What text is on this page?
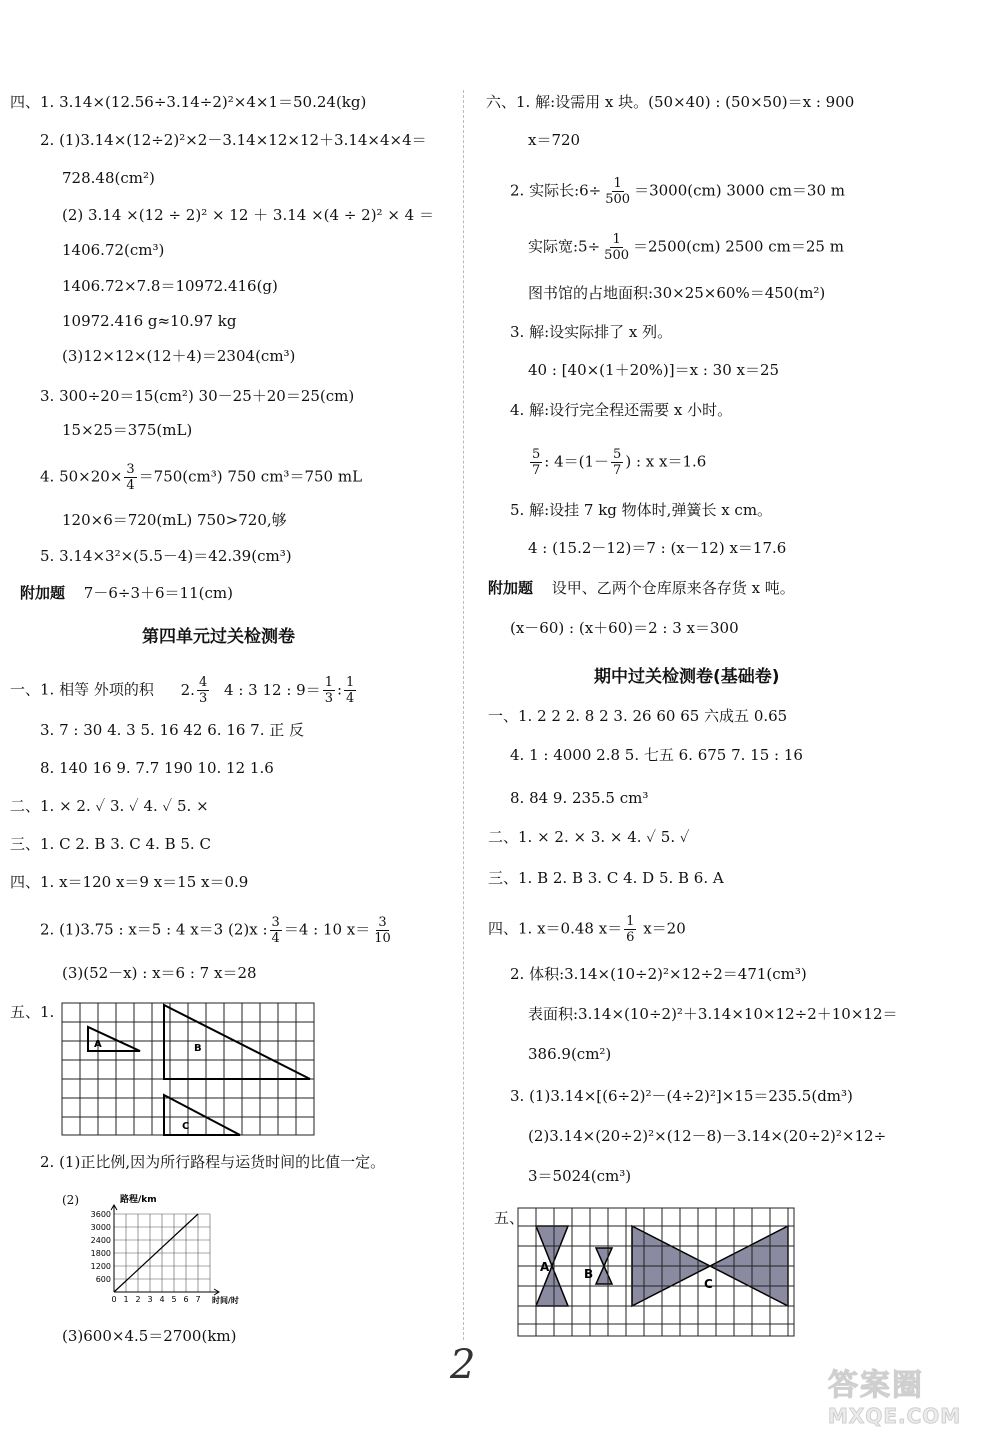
四、1. 3.14×(12.56÷3.14÷2)²×4×1＝50.24(kg)
2. (1)3.14×(12÷2)²×2－3.14×12×12＋3.14×4×4＝
728.48(cm²)
(2) 3.14 ×(12 ÷ 2)² × 12 ＋ 3.14 ×(4 ÷ 2)² × 4 ＝
1406.72(cm³)
1406.72×7.8＝10972.416(g)
10972.416 g≈10.97 kg
(3)12×12×(12＋4)＝2304(cm³)
3. 300÷20＝15(cm²) 30－25＋20＝25(cm)
15×25＝375(mL)
4. $50\times 20\times \frac{3}{4} =750(cm^3)$ 750 cm³＝750 mL
120×6＝720(mL) 750>720,够
5. 3.14×3²×(5.5－4)＝42.39(cm³)
附加题 7－6÷3＋6＝11(cm)
第四单元过关检测卷
一、1. 相等 外项的积 2. $\frac{4}{3} 4$ : 3 12 : $9= \frac{1}{3}$ : $\frac{1}{4}$
3. 7 : 30 4. 3 5. 16 42 6. 16 7. 正 反
8. 140 16 9. 7.7 190 10. 12 1.6
二、1. × 2. ✓ 3. ✓ 4. ✓ 5. ×
三、1. C 2. B 3. C 4. B 5. C
四、1. x＝120 x＝9 x＝15 x＝0.9
2. (1)3.75 : x＝5 : 4 x＝3 (2)x : $\frac{3}{4} =4$ : 10 $x= \frac{3}{10}$
(3)(52－x) : x＝6 : 7 x＝28
五、1.
A	B
C
2. (1)正比例,因为所行路程与运货时间的比值一定。
(2)	路程/km
3600
3000
2400
1800
1200
600
0 1 2 3 4 5 6 7 时间/时
(3)600×4.5＝2700(km)
六、1. 解:设需用 x 块。(50×40) : (50×50)＝x : 900
x＝720
2. 实际长:6÷ $\frac{1}{500} =3000(cm)$ 3000 cm＝30 m
实际宽:5÷ $\frac{1}{500} =2500(cm)$ 2500 cm＝25 m
图书馆的占地面积:30×25×60%＝450(m²)
3. 解:设实际排了 x 列。
40 : [40×(1＋20%)]＝x : 30 x＝25
4. 解:设行完全程还需要 x 小时。
$\frac{5}{7}$ : $4=(1- \frac{5}{7}$ ) : x x＝1.6
5. 解:设挂 7 kg 物体时,弹簧长 x cm。
4 : (15.2－12)＝7 : (x－12) x＝17.6
附加题 设甲、乙两个仓库原来各存货 x 吨。
(x－60) : (x＋60)＝2 : 3 x＝300
期中过关检测卷(基础卷)
一、1. 2 2 2. 8 2 3. 26 60 65 六成五 0.65
4. 1 : 4000 2.8 5. 七五 6. 675 7. 15 : 16
8. 84 9. 235.5 cm³
二、1. × 2. × 3. × 4. ✓ 5. ✓
三、1. B 2. B 3. C 4. D 5. B 6. A
四、1. x＝0.48 $x= \frac{1}{6} x=20$
2. 体积:3.14×(10÷2)²×12÷2＝471(cm³)
表面积:3.14×(10÷2)²＋3.14×10×12÷2＋10×12＝
386.9(cm²)
3. (1)3.14×[(6÷2)²－(4÷2)²]×15＝235.5(dm³)
(2)3.14×(20÷2)²×(12－8)－3.14×(20÷2)²×12÷
3＝5024(cm³)
五、
A	B
C
2	答案圈
MXQE.COM
